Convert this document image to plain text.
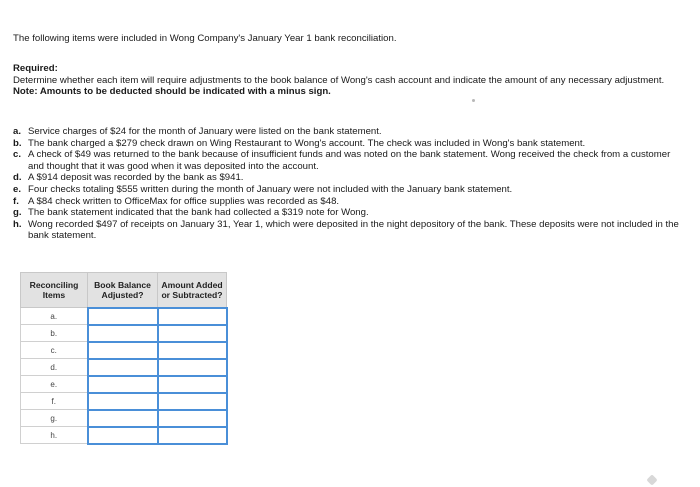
The following items were included in Wong Company's January Year 1 bank reconciliation.

Required:
Determine whether each item will require adjustments to the book balance of Wong's cash account and indicate the amount of any necessary adjustment.
Note: Amounts to be deducted should be indicated with a minus sign.
a. Service charges of $24 for the month of January were listed on the bank statement.
b. The bank charged a $279 check drawn on Wing Restaurant to Wong's account. The check was included in Wong's bank statement.
c. A check of $49 was returned to the bank because of insufficient funds and was noted on the bank statement. Wong received the check from a customer and thought that it was good when it was deposited into the account.
d. A $914 deposit was recorded by the bank as $941.
e. Four checks totaling $555 written during the month of January were not included with the January bank statement.
f. A $84 check written to OfficeMax for office supplies was recorded as $48.
g. The bank statement indicated that the bank had collected a $319 note for Wong.
h. Wong recorded $497 of receipts on January 31, Year 1, which were deposited in the night depository of the bank. These deposits were not included in the bank statement.
Reconciling Items	Book Balance Adjusted?	Amount Added or Subtracted?
a.		
b.		
c.		
d.		
e.		
f.		
g.		
h.		
